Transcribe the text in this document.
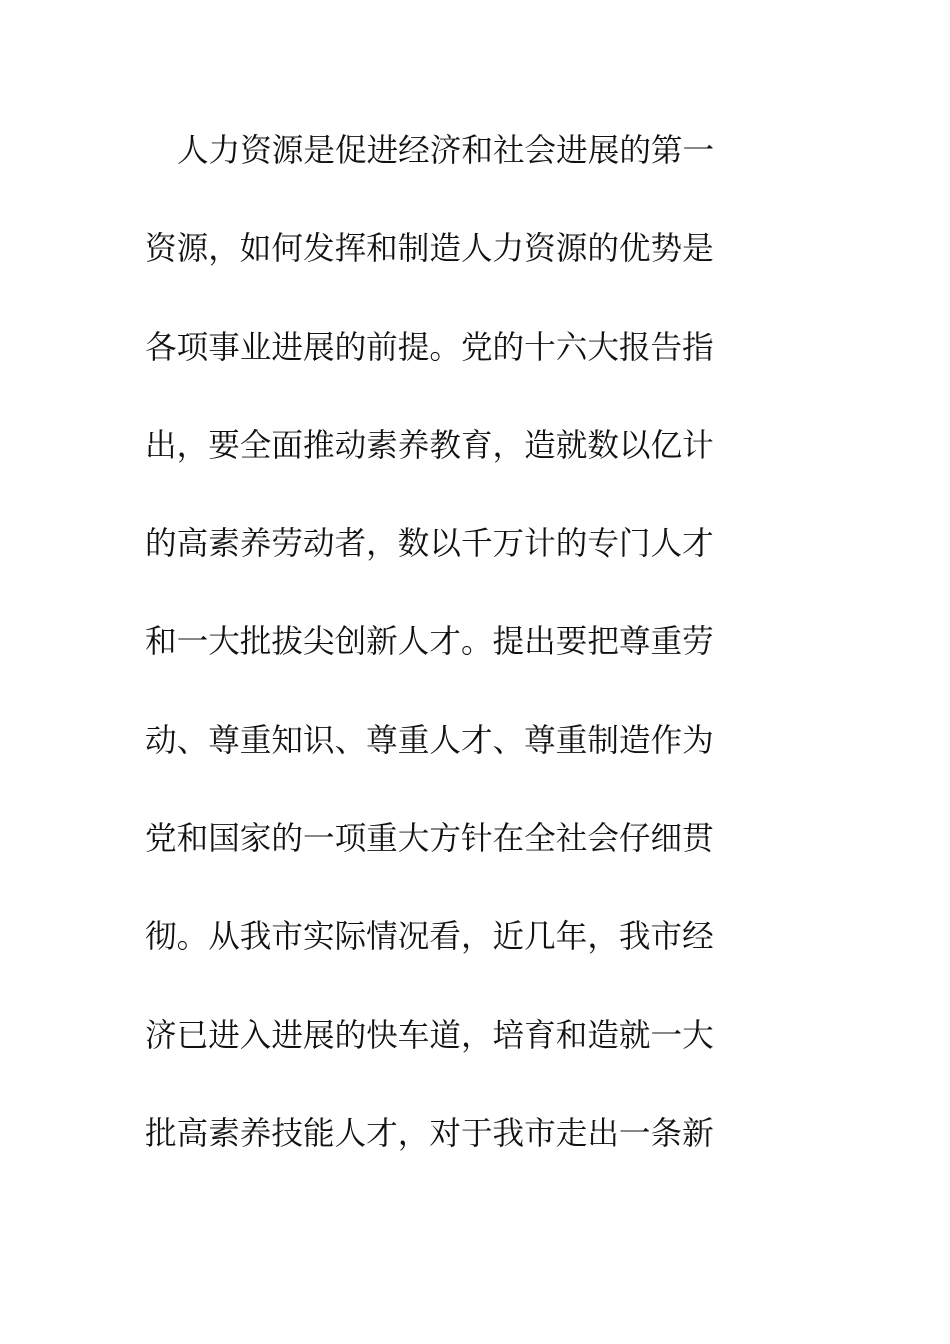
人力资源是促进经济和社会进展的第一
资源，如何发挥和制造人力资源的优势是
各项事业进展的前提。党的十六大报告指
出，要全面推动素养教育，造就数以亿计
的高素养劳动者，数以千万计的专门人才
和一大批拔尖创新人才。提出要把尊重劳
动、尊重知识、尊重人才、尊重制造作为
党和国家的一项重大方针在全社会仔细贯
彻。从我市实际情况看，近几年，我市经
济已进入进展的快车道，培育和造就一大
批高素养技能人才，对于我市走出一条新
